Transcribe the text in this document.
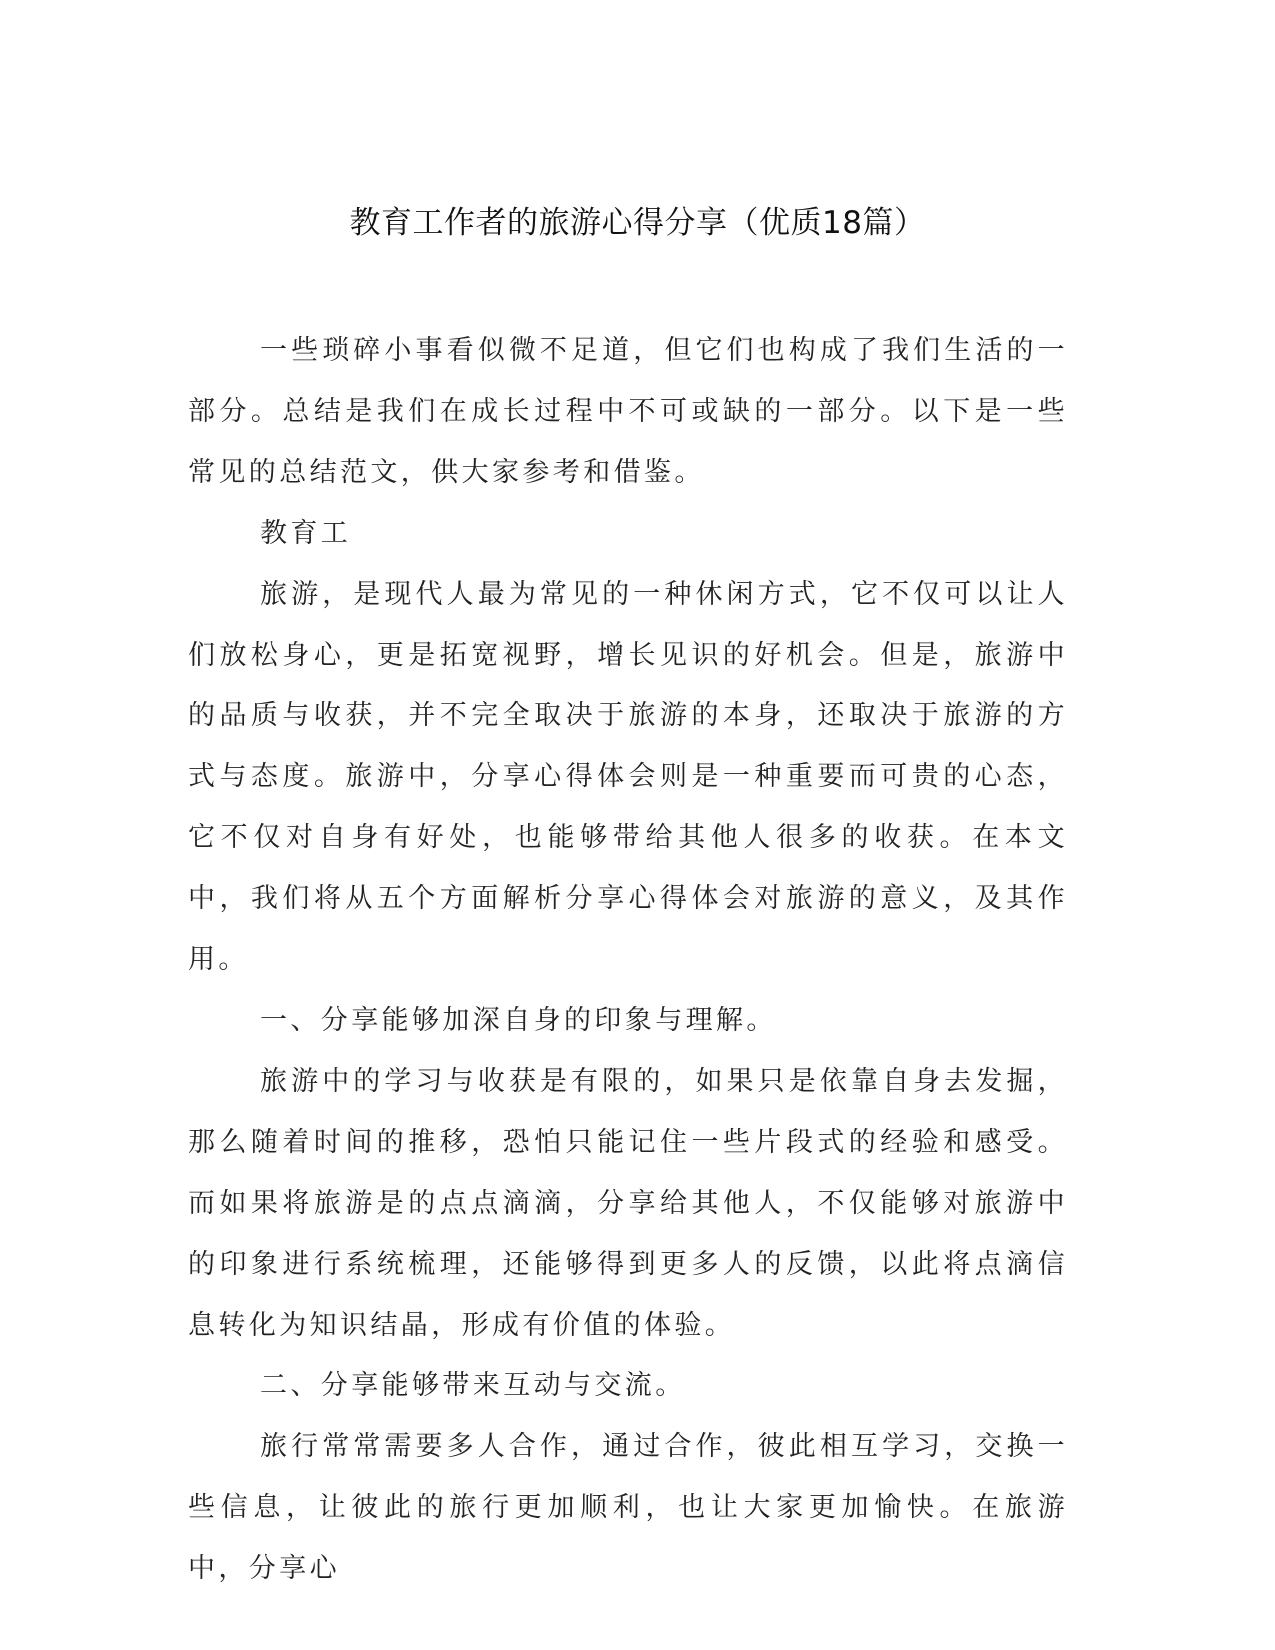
教育工作者的旅游心得分享（优质18篇）

一些琐碎小事看似微不足道，但它们也构成了我们生活的一部分。总结是我们在成长过程中不可或缺的一部分。以下是一些常见的总结范文，供大家参考和借鉴。

教育工

旅游，是现代人最为常见的一种休闲方式，它不仅可以让人们放松身心，更是拓宽视野，增长见识的好机会。但是，旅游中的品质与收获，并不完全取决于旅游的本身，还取决于旅游的方式与态度。旅游中，分享心得体会则是一种重要而可贵的心态，它不仅对自身有好处，也能够带给其他人很多的收获。在本文中，我们将从五个方面解析分享心得体会对旅游的意义，及其作用。

一、分享能够加深自身的印象与理解。

旅游中的学习与收获是有限的，如果只是依靠自身去发掘，那么随着时间的推移，恐怕只能记住一些片段式的经验和感受。而如果将旅游是的点点滴滴，分享给其他人，不仅能够对旅游中的印象进行系统梳理，还能够得到更多人的反馈，以此将点滴信息转化为知识结晶，形成有价值的体验。

二、分享能够带来互动与交流。

旅行常常需要多人合作，通过合作，彼此相互学习，交换一些信息，让彼此的旅行更加顺利，也让大家更加愉快。在旅游中，分享心
